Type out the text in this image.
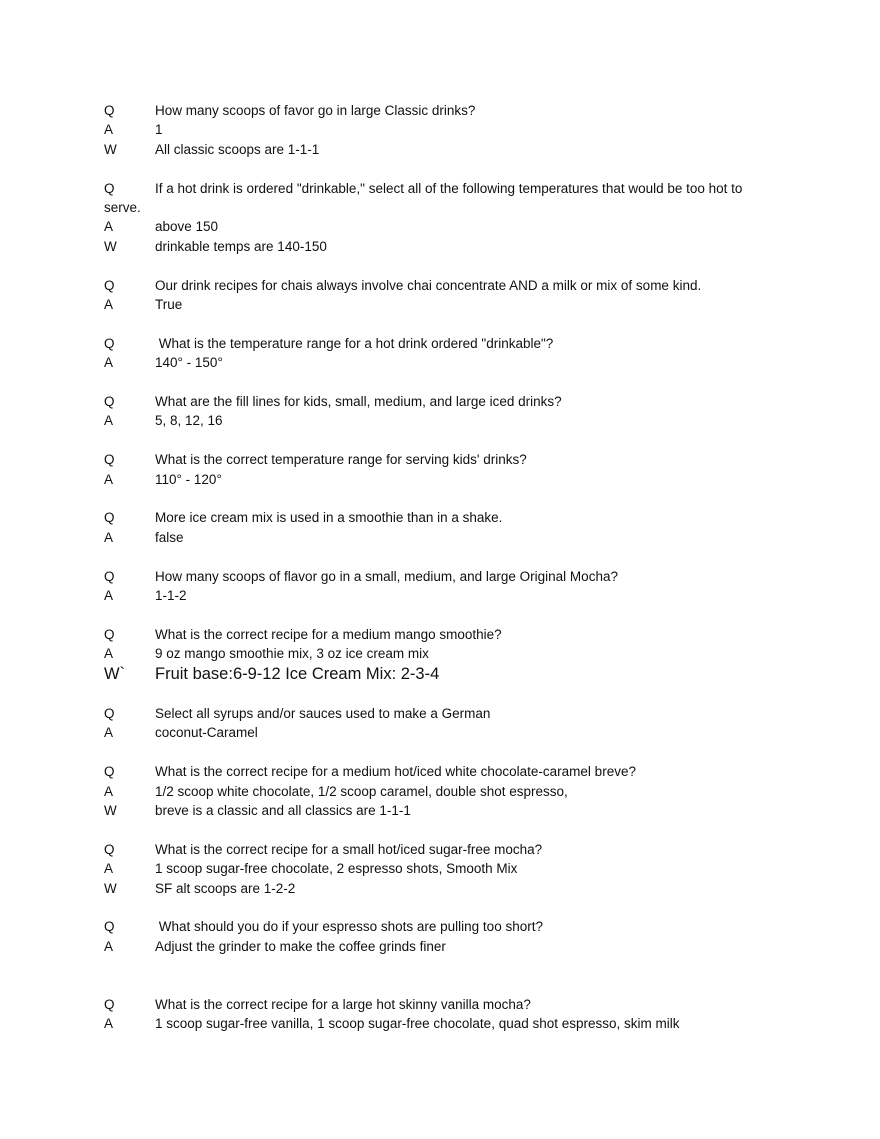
Q	How many scoops of favor go in large Classic drinks?
A	1
W	All classic scoops are 1-1-1
Q	If a hot drink is ordered "drinkable," select all of the following temperatures that would be too hot to serve.
A	above 150
W	drinkable temps are 140-150
Q	Our drink recipes for chais always involve chai concentrate AND a milk or mix of some kind.
A	True
Q	What is the temperature range for a hot drink ordered "drinkable"?
A	140° - 150°
Q	What are the fill lines for kids, small, medium, and large iced drinks?
A	5, 8, 12, 16
Q	What is the correct temperature range for serving kids' drinks?
A	110° - 120°
Q	More ice cream mix is used in a smoothie than in a shake.
A	false
Q	How many scoops of flavor go in a small, medium, and large Original Mocha?
A	1-1-2
Q	What is the correct recipe for a medium mango smoothie?
A	9 oz mango smoothie mix, 3 oz ice cream mix
W` Fruit base:6-9-12 Ice Cream Mix: 2-3-4
Q	Select all syrups and/or sauces used to make a German
A	coconut-Caramel
Q	What is the correct recipe for a medium hot/iced white chocolate-caramel breve?
A	1/2 scoop white chocolate, 1/2 scoop caramel, double shot espresso,
W	breve is a classic and all classics are 1-1-1
Q	What is the correct recipe for a small hot/iced sugar-free mocha?
A	1 scoop sugar-free chocolate, 2 espresso shots, Smooth Mix
W	SF alt scoops are 1-2-2
Q	What should you do if your espresso shots are pulling too short?
A	Adjust the grinder to make the coffee grinds finer
Q	What is the correct recipe for a large hot skinny vanilla mocha?
A	1 scoop sugar-free vanilla, 1 scoop sugar-free chocolate, quad shot espresso, skim milk
